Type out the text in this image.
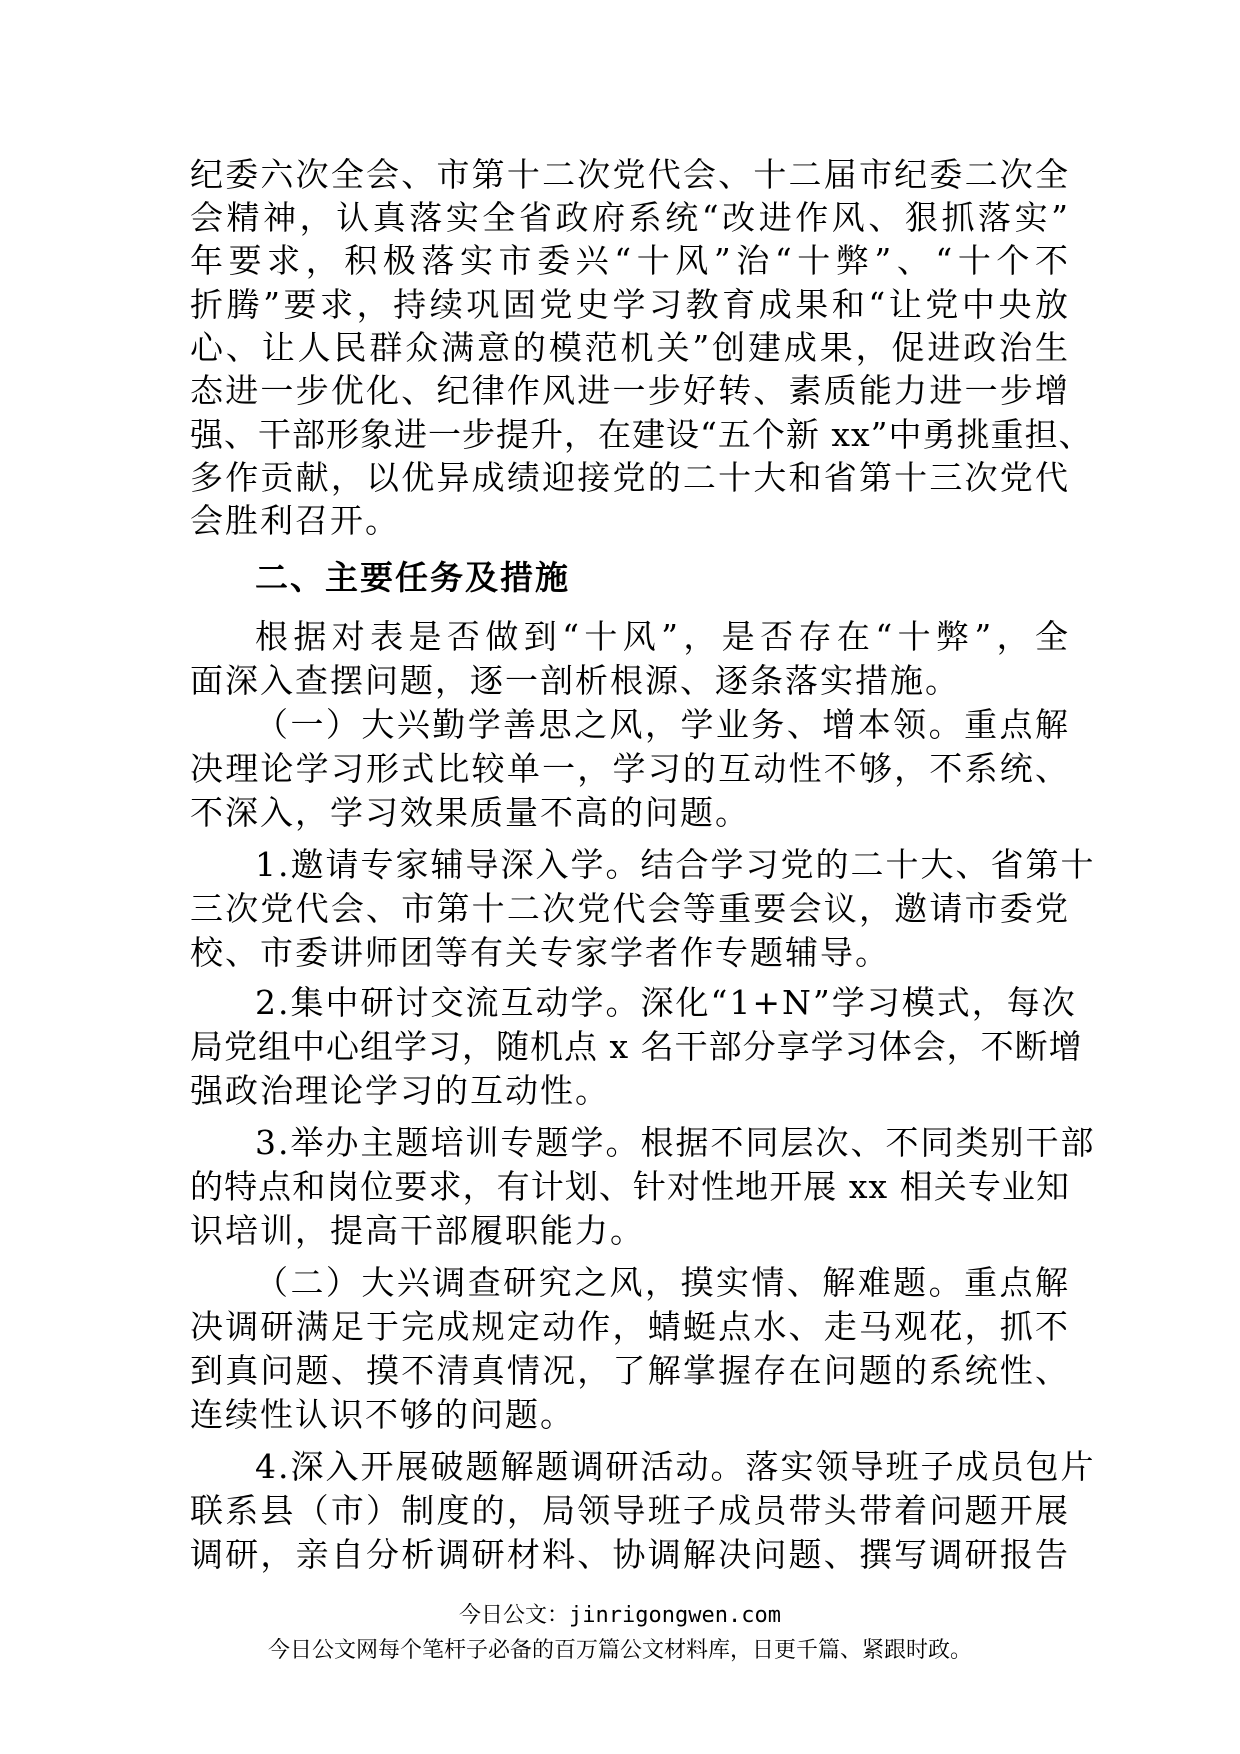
纪委六次全会、市第十二次党代会、十二届市纪委二次全
会精神，认真落实全省政府系统“改进作风、狠抓落实”
年要求，积极落实市委兴“十风”治“十弊”、“十个不
折腾”要求，持续巩固党史学习教育成果和“让党中央放
心、让人民群众满意的模范机关”创建成果，促进政治生
态进一步优化、纪律作风进一步好转、素质能力进一步增
强、干部形象进一步提升，在建设“五个新 xx”中勇挑重担、
多作贡献，以优异成绩迎接党的二十大和省第十三次党代
会胜利召开。
二、主要任务及措施
根据对表是否做到“十风”，是否存在“十弊”，全
面深入查摆问题，逐一剖析根源、逐条落实措施。
（一）大兴勤学善思之风，学业务、增本领。重点解
决理论学习形式比较单一，学习的互动性不够，不系统、
不深入，学习效果质量不高的问题。
1.邀请专家辅导深入学。结合学习党的二十大、省第十
三次党代会、市第十二次党代会等重要会议，邀请市委党
校、市委讲师团等有关专家学者作专题辅导。
2.集中研讨交流互动学。深化“1+N”学习模式，每次
局党组中心组学习，随机点 x 名干部分享学习体会，不断增
强政治理论学习的互动性。
3.举办主题培训专题学。根据不同层次、不同类别干部
的特点和岗位要求，有计划、针对性地开展 xx 相关专业知
识培训，提高干部履职能力。
（二）大兴调查研究之风，摸实情、解难题。重点解
决调研满足于完成规定动作，蜻蜓点水、走马观花，抓不
到真问题、摸不清真情况，了解掌握存在问题的系统性、
连续性认识不够的问题。
4.深入开展破题解题调研活动。落实领导班子成员包片
联系县（市）制度的，局领导班子成员带头带着问题开展
调研，亲自分析调研材料、协调解决问题、撰写调研报告
今日公文：jinrigongwen.com
今日公文网每个笔杆子必备的百万篇公文材料库，日更千篇、紧跟时政。
